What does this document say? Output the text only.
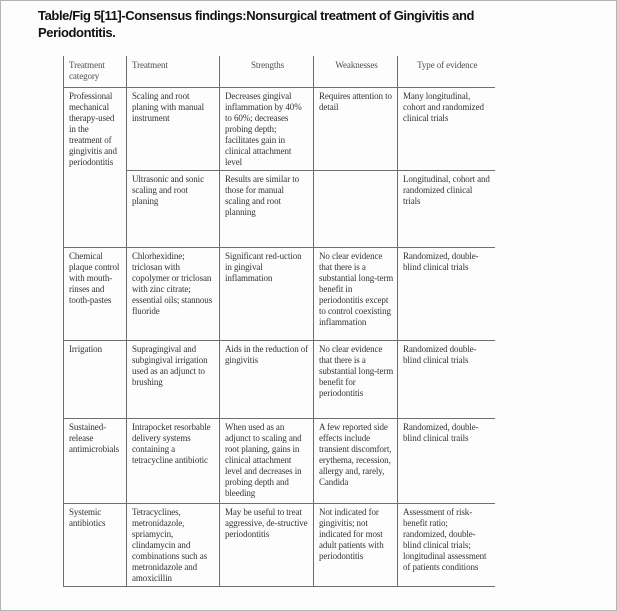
Table/Fig 5[11]-Consensus findings:Nonsurgical treatment of Gingivitis and
Periodontitis.
Treatment category	Treatment	Strengths	Weaknesses	Type of evidence
Professional mechanical therapy-used in the treatment of gingivitis and periodontitis	Scaling and root planing with manual instrument	Decreases gingival inflammation by 40% to 60%; decreases probing depth; facilitates gain in clinical attachment level	Requires attention to detail	Many longitudinal, cohort and randomized clinical trials
	Ultrasonic and sonic scaling and root planing	Results are similar to those for manual scaling and root planning		Longitudinal, cohort and randomized clinical trials
Chemical plaque control with mouth-rinses and tooth-pastes	Chlorhexidine; triclosan with copolymer or triclosan with zinc citrate; essential oils; stannous fluoride	Significant red-uction in gingival inflammation	No clear evidence that there is a substantial long-term benefit in periodontitis except to control coexisting inflammation	Randomized, double-blind clinical trials
Irrigation	Supragingival and subgingival irrigation used as an adjunct to brushing	Aids in the reduction of gingivitis	No clear evidence that there is a substantial long-term benefit for periodontitis	Randomized double-blind clinical trials
Sustained-release antimicrobials	Intrapocket resorbable delivery systems containing a tetracycline antibiotic	When used as an adjunct to scaling and root planing, gains in clinical attachment level and decreases in probing depth and bleeding	A few reported side effects include transient discomfort, erythema, recession, allergy and, rarely, Candida	Randomized, double-blind clinical trails
Systemic antibiotics	Tetracyclines, metronidazole, spriamycin, clindamycin and combinations such as metronidazole and amoxicillin	May be useful to treat aggressive, de-structive periodontitis	Not indicated for gingivitis; not indicated for most adult patients with periodontitis	Assessment of risk-benefit ratio; randomized, double-blind clinical trials; longitudinal assessment of patients conditions
